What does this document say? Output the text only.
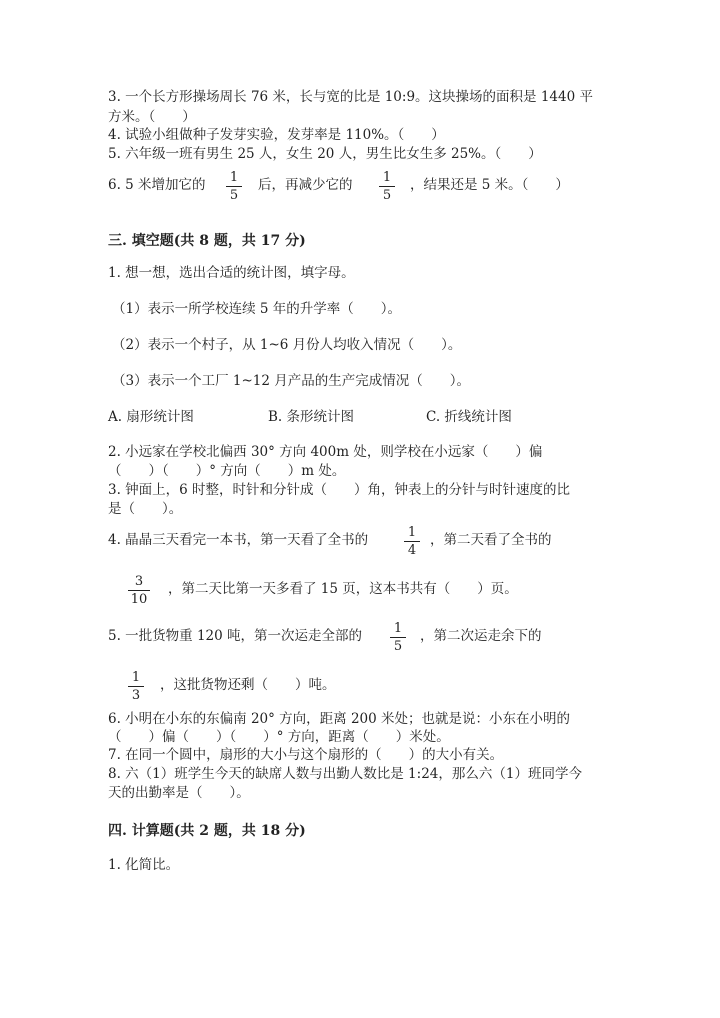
3. 一个长方形操场周长 76 米，长与宽的比是 10:9。这块操场的面积是 1440 平
方米。（　　）
4. 试验小组做种子发芽实验，发芽率是 110%。（　　）
5. 六年级一班有男生 25 人，女生 20 人，男生比女生多 25%。（　　）
6. 5 米增加它的	1
5
后，再减少它的	1
5
，结果还是 5 米。（　　）
三. 填空题(共 8 题，共 17 分)
1. 想一想，选出合适的统计图，填字母。
（1）表示一所学校连续 5 年的升学率（　　）。
（2）表示一个村子，从 1~6 月份人均收入情况（　　）。
（3）表示一个工厂 1~12 月产品的生产完成情况（　　）。
A. 扇形统计图	B. 条形统计图	C. 折线统计图
2. 小远家在学校北偏西 30° 方向 400m 处，则学校在小远家（　　）偏
（　　）（　　）° 方向（　　）m 处。
3. 钟面上，6 时整，时针和分针成（　　）角，钟表上的分针与时针速度的比
是（　　）。
4. 晶晶三天看完一本书，第一天看了全书的	1
4
，第二天看了全书的
3
10
，第二天比第一天多看了 15 页，这本书共有（　　）页。
5. 一批货物重 120 吨，第一次运走全部的	1
5
，第二次运走余下的
1
3
，这批货物还剩（　　）吨。
6. 小明在小东的东偏南 20° 方向，距离 200 米处；也就是说：小东在小明的
（　　）偏（　　）（　　）° 方向，距离（　　）米处。
7. 在同一个圆中，扇形的大小与这个扇形的（　　）的大小有关。
8. 六（1）班学生今天的缺席人数与出勤人数比是 1:24，那么六（1）班同学今
天的出勤率是（　　）。
四. 计算题(共 2 题，共 18 分)
1. 化简比。
